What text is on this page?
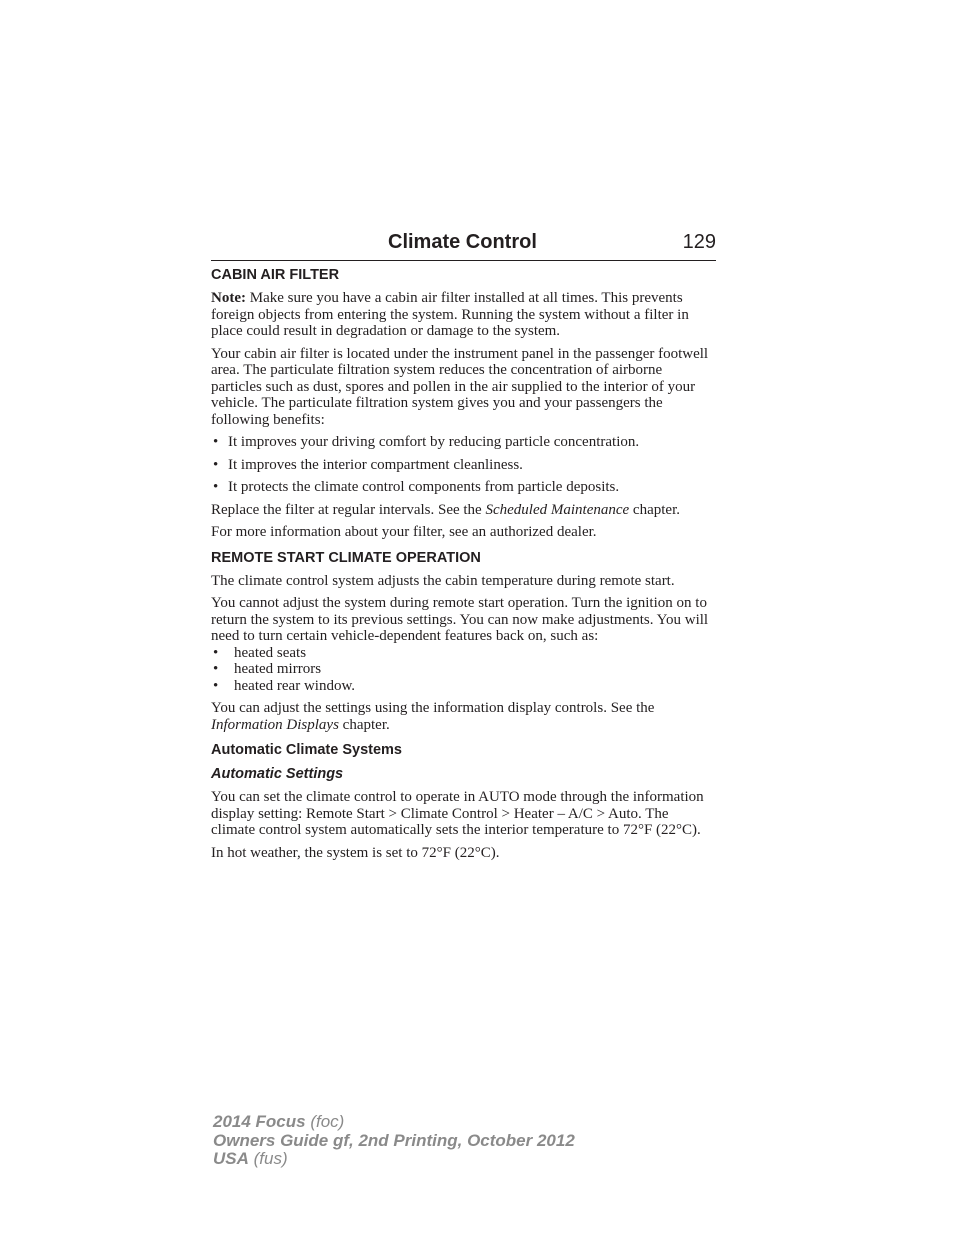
Climate Control	129
CABIN AIR FILTER

Note: Make sure you have a cabin air filter installed at all times. This prevents foreign objects from entering the system. Running the system without a filter in place could result in degradation or damage to the system.

Your cabin air filter is located under the instrument panel in the passenger footwell area. The particulate filtration system reduces the concentration of airborne particles such as dust, spores and pollen in the air supplied to the interior of your vehicle. The particulate filtration system gives you and your passengers the following benefits:

• It improves your driving comfort by reducing particle concentration.
• It improves the interior compartment cleanliness.
• It protects the climate control components from particle deposits.

Replace the filter at regular intervals. See the Scheduled Maintenance chapter.

For more information about your filter, see an authorized dealer.

REMOTE START CLIMATE OPERATION

The climate control system adjusts the cabin temperature during remote start.

You cannot adjust the system during remote start operation. Turn the ignition on to return the system to its previous settings. You can now make adjustments. You will need to turn certain vehicle-dependent features back on, such as:

• heated seats
• heated mirrors
• heated rear window.

You can adjust the settings using the information display controls. See the Information Displays chapter.

Automatic Climate Systems
Automatic Settings

You can set the climate control to operate in AUTO mode through the information display setting: Remote Start > Climate Control > Heater – A/C > Auto. The climate control system automatically sets the interior temperature to 72°F (22°C).

In hot weather, the system is set to 72°F (22°C).

2014 Focus (foc)
Owners Guide gf, 2nd Printing, October 2012
USA (fus)
